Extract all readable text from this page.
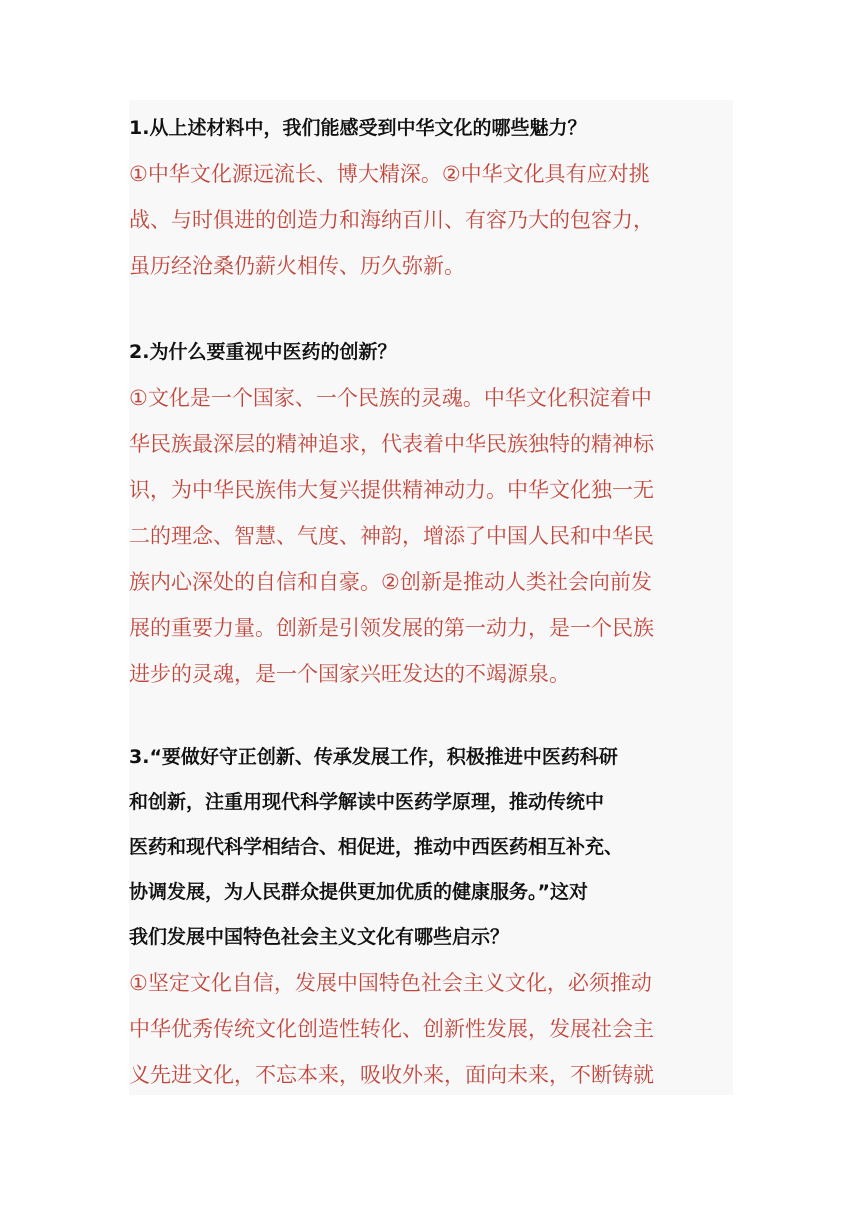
1.从上述材料中，我们能感受到中华文化的哪些魅力？

①中华文化源远流长、博大精深。②中华文化具有应对挑
战、与时俱进的创造力和海纳百川、有容乃大的包容力，
虽历经沧桑仍薪火相传、历久弥新。

2.为什么要重视中医药的创新？

①文化是一个国家、一个民族的灵魂。中华文化积淀着中
华民族最深层的精神追求，代表着中华民族独特的精神标
识，为中华民族伟大复兴提供精神动力。中华文化独一无
二的理念、智慧、气度、神韵，增添了中国人民和中华民
族内心深处的自信和自豪。②创新是推动人类社会向前发
展的重要力量。创新是引领发展的第一动力，是一个民族
进步的灵魂，是一个国家兴旺发达的不竭源泉。

3.“要做好守正创新、传承发展工作，积极推进中医药科研
和创新，注重用现代科学解读中医药学原理，推动传统中
医药和现代科学相结合、相促进，推动中西医药相互补充、
协调发展，为人民群众提供更加优质的健康服务。”这对
我们发展中国特色社会主义文化有哪些启示？

①坚定文化自信，发展中国特色社会主义文化，必须推动
中华优秀传统文化创造性转化、创新性发展，发展社会主
义先进文化，不忘本来，吸收外来，面向未来，不断铸就
